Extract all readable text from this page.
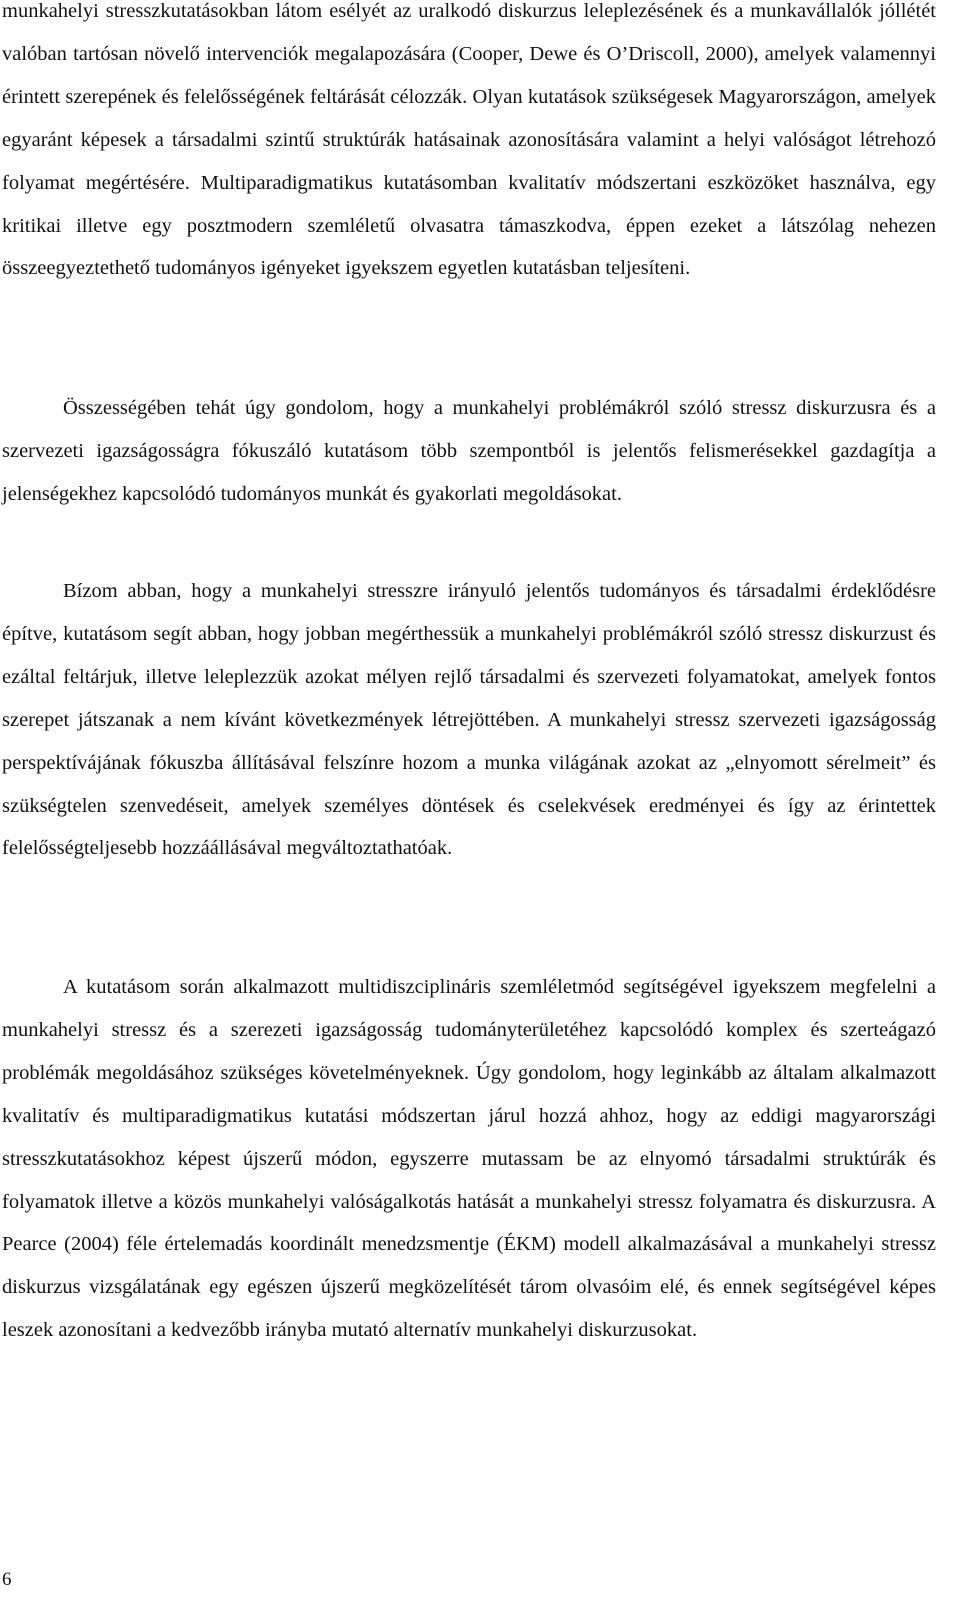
munkahelyi stresszkutatásokban látom esélyét az uralkodó diskurzus leleplezésének és a munkavállalók jóllétét valóban tartósan növelő intervenciók megalapozására (Cooper, Dewe és O’Driscoll, 2000), amelyek valamennyi érintett szerepének és felelősségének feltárását célozzák. Olyan kutatások szükségesek Magyarországon, amelyek egyaránt képesek a társadalmi szintű struktúrák hatásainak azonosítására valamint a helyi valóságot létrehozó folyamat megértésére. Multiparadigmatikus kutatásomban kvalitatív módszertani eszközöket használva, egy kritikai illetve egy posztmodern szemléletű olvasatra támaszkodva, éppen ezeket a látszólag nehezen összeegyeztethető tudományos igényeket igyekszem egyetlen kutatásban teljesíteni.

Összességében tehát úgy gondolom, hogy a munkahelyi problémákról szóló stressz diskurzusra és a szervezeti igazságosságra fókuszáló kutatásom több szempontból is jelentős felismerésekkel gazdagítja a jelenségekhez kapcsolódó tudományos munkát és gyakorlati megoldásokat.

Bízom abban, hogy a munkahelyi stresszre irányuló jelentős tudományos és társadalmi érdeklődésre építve, kutatásom segít abban, hogy jobban megérthessük a munkahelyi problémákról szóló stressz diskurzust és ezáltal feltárjuk, illetve leleplezzük azokat mélyen rejlő társadalmi és szervezeti folyamatokat, amelyek fontos szerepet játszanak a nem kívánt következmények létrejöttében. A munkahelyi stressz szervezeti igazságosság perspektívájának fókuszba állításával felszínre hozom a munka világának azokat az „elnyomott sérelmeit” és szükségtelen szenvedéseit, amelyek személyes döntések és cselekvések eredményei és így az érintettek felelősségteljesebb hozzáállásával megváltoztathatóak.

A kutatásom során alkalmazott multidiszciplináris szemléletmód segítségével igyekszem megfelelni a munkahelyi stressz és a szerezeti igazságosság tudományterületéhez kapcsolódó komplex és szerteágazó problémák megoldásához szükséges követelményeknek. Úgy gondolom, hogy leginkább az általam alkalmazott kvalitatív és multiparadigmatikus kutatási módszertan járul hozzá ahhoz, hogy az eddigi magyarországi stresszkutatásokhoz képest újszerű módon, egyszerre mutassam be az elnyomó társadalmi struktúrák és folyamatok illetve a közös munkahelyi valóságalkotás hatását a munkahelyi stressz folyamatra és diskurzusra. A Pearce (2004) féle értelemadás koordinált menedzsmentje (ÉKM) modell alkalmazásával a munkahelyi stressz diskurzus vizsgálatának egy egészen újszerű megközelítését tárom olvasóim elé, és ennek segítségével képes leszek azonosítani a kedvezőbb irányba mutató alternatív munkahelyi diskurzusokat.

6
